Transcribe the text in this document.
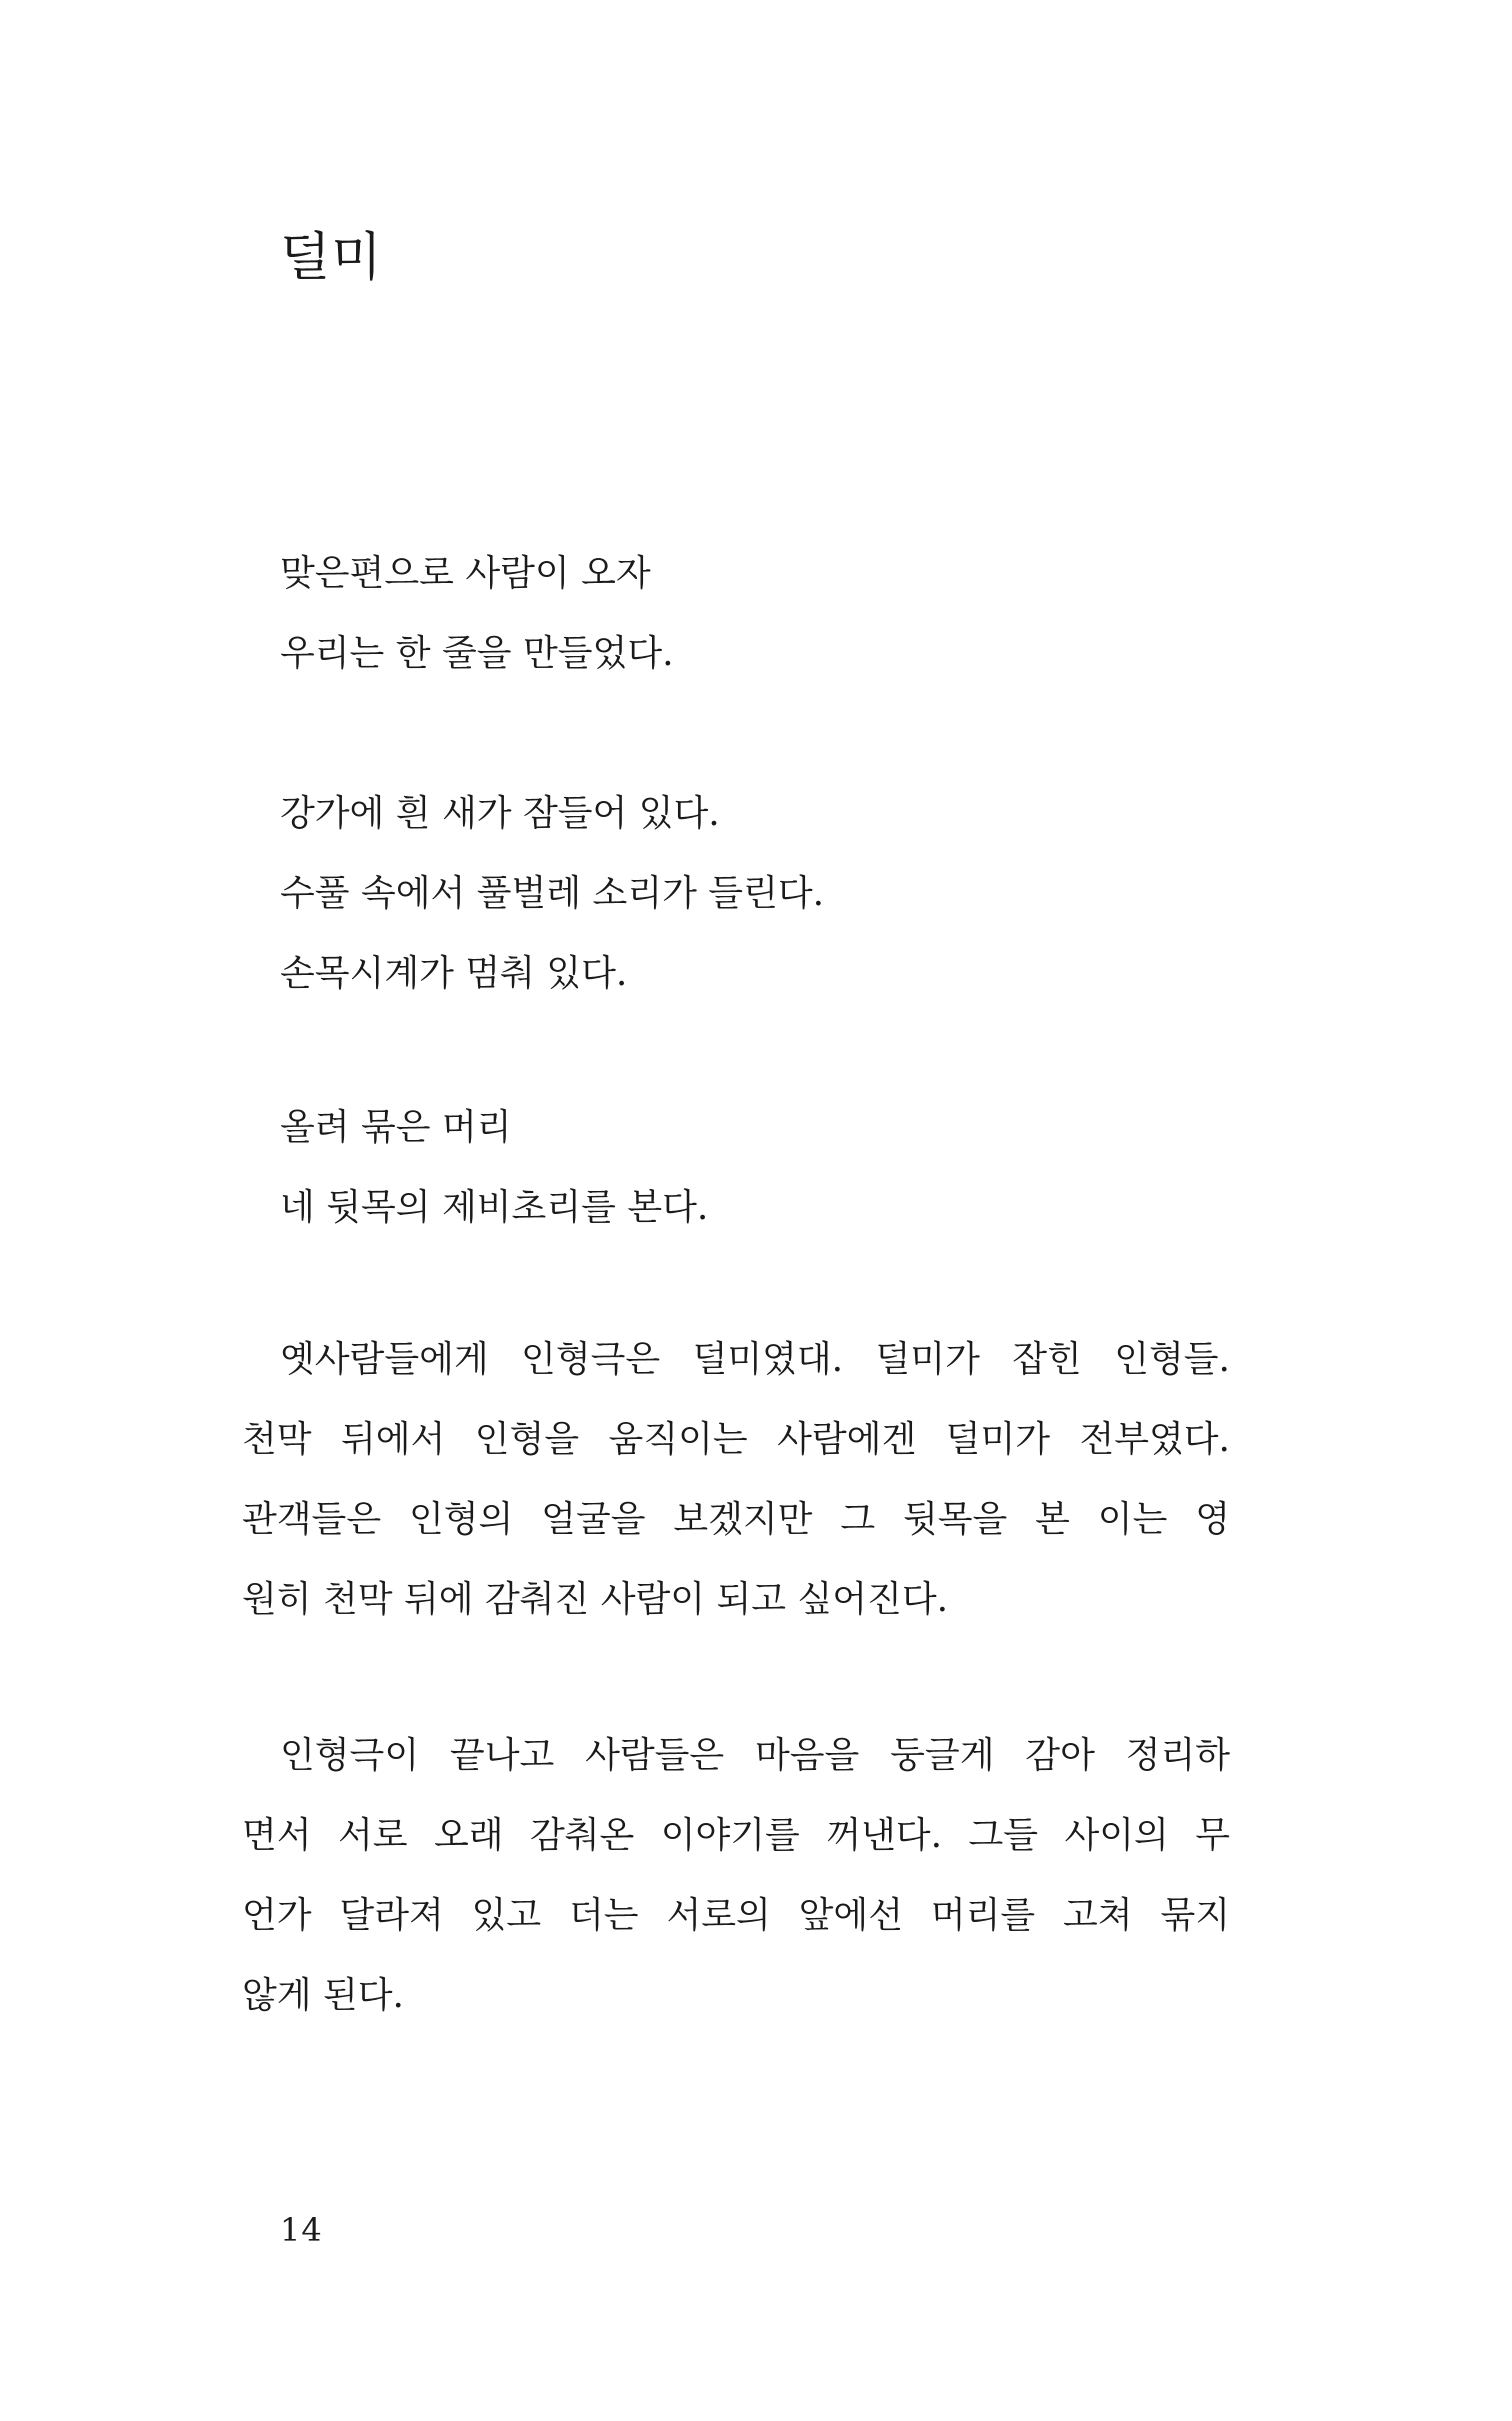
덜미
맞은편으로 사람이 오자
우리는 한 줄을 만들었다.
강가에 흰 새가 잠들어 있다.
수풀 속에서 풀벌레 소리가 들린다.
손목시계가 멈춰 있다.
올려 묶은 머리
네 뒷목의 제비초리를 본다.
옛사람들에게 인형극은 덜미였대. 덜미가 잡힌 인형들.
천막 뒤에서 인형을 움직이는 사람에겐 덜미가 전부였다.
관객들은 인형의 얼굴을 보겠지만 그 뒷목을 본 이는 영
원히 천막 뒤에 감춰진 사람이 되고 싶어진다.
인형극이 끝나고 사람들은 마음을 둥글게 감아 정리하
면서 서로 오래 감춰온 이야기를 꺼낸다. 그들 사이의 무
언가 달라져 있고 더는 서로의 앞에선 머리를 고쳐 묶지
않게 된다.
14
